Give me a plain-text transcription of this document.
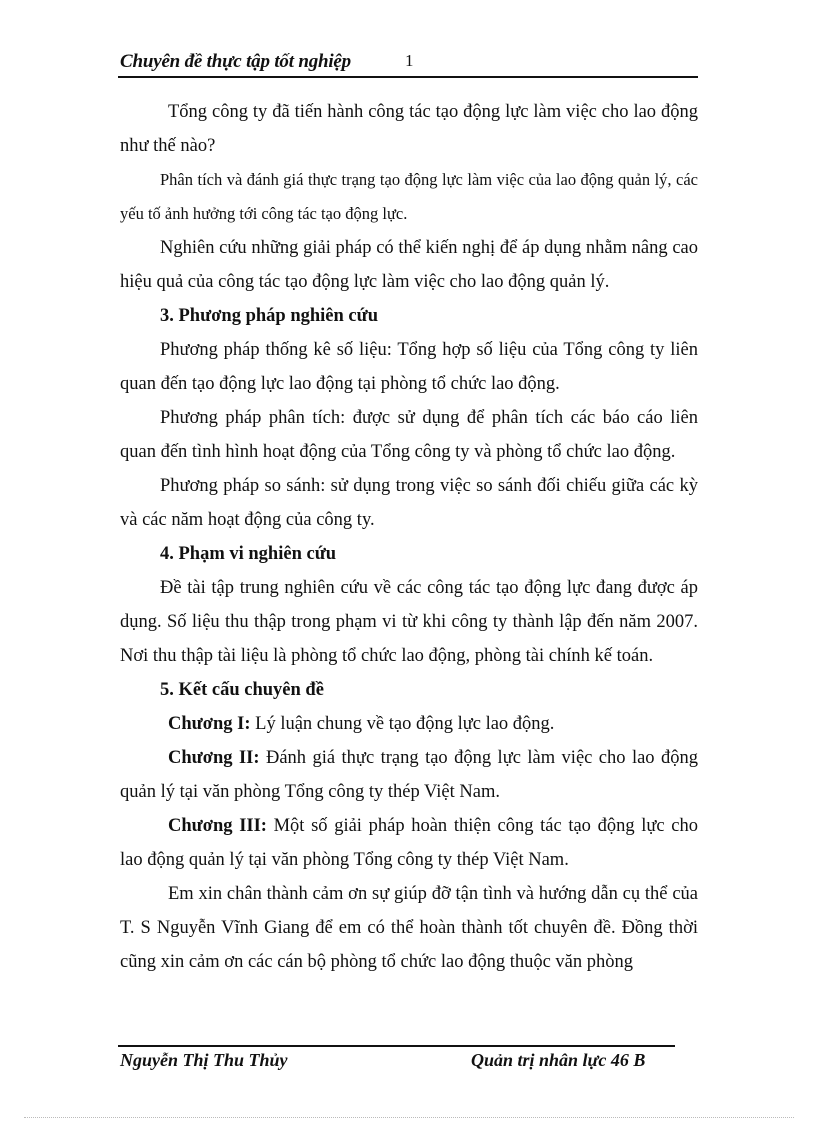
Chuyên đề thực tập tốt nghiệp	1

Tổng công ty đã tiến hành công tác tạo động lực làm việc cho lao động như thế nào?

Phân tích và đánh giá thực trạng tạo động lực làm việc của lao động quản lý, các yếu tố ảnh hưởng tới công tác tạo động lực.

Nghiên cứu những giải pháp có thể kiến nghị để áp dụng nhằm nâng cao hiệu quả của công tác tạo động lực làm việc cho lao động quản lý.

3. Phương pháp nghiên cứu

Phương pháp thống kê số liệu: Tổng hợp số liệu của Tổng công ty liên quan đến tạo động lực lao động tại phòng tổ chức lao động.

Phương pháp phân tích: được sử dụng để phân tích các báo cáo liên quan đến tình hình hoạt động của Tổng công ty và phòng tổ chức lao động.

Phương pháp so sánh: sử dụng trong việc so sánh đối chiếu giữa các kỳ và các năm hoạt động của công ty.

4. Phạm vi nghiên cứu

Đề tài tập trung nghiên cứu về các công tác tạo động lực đang được áp dụng. Số liệu thu thập trong phạm vi từ khi công ty thành lập đến năm 2007. Nơi thu thập tài liệu là phòng tổ chức lao động, phòng tài chính kế toán.

5. Kết cấu chuyên đề

Chương I: Lý luận chung về tạo động lực lao động.

Chương II: Đánh giá thực trạng tạo động lực làm việc cho lao động quản lý tại văn phòng Tổng công ty thép Việt Nam.

Chương III: Một số giải pháp hoàn thiện công tác tạo động lực cho lao động quản lý tại văn phòng Tổng công ty thép Việt Nam.

Em xin chân thành cảm ơn sự giúp đỡ tận tình và hướng dẫn cụ thể của T. S Nguyễn Vĩnh Giang để em có thể hoàn thành tốt chuyên đề. Đồng thời cũng xin cảm ơn các cán bộ phòng tổ chức lao động thuộc văn phòng

Nguyễn Thị Thu Thủy	Quản trị nhân lực 46 B
